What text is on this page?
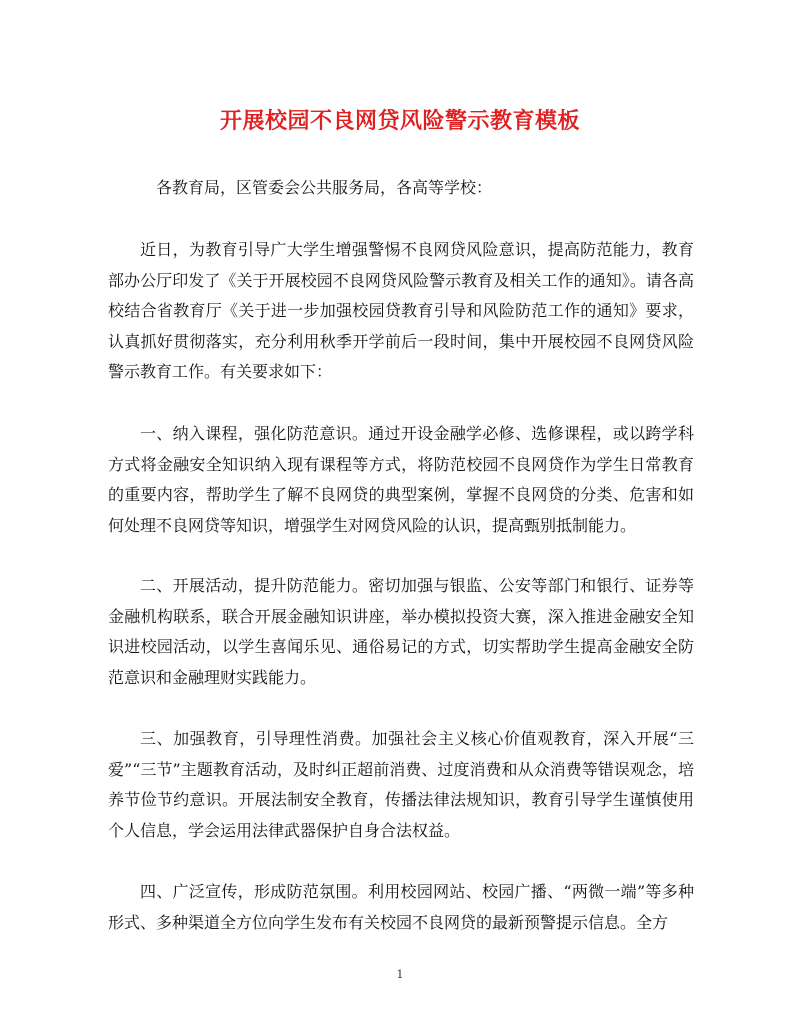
开展校园不良网贷风险警示教育模板

各教育局，区管委会公共服务局，各高等学校：

近日，为教育引导广大学生增强警惕不良网贷风险意识，提高防范能力，教育部办公厅印发了《关于开展校园不良网贷风险警示教育及相关工作的通知》。请各高校结合省教育厅《关于进一步加强校园贷教育引导和风险防范工作的通知》要求，认真抓好贯彻落实，充分利用秋季开学前后一段时间，集中开展校园不良网贷风险警示教育工作。有关要求如下：

一、纳入课程，强化防范意识。通过开设金融学必修、选修课程，或以跨学科方式将金融安全知识纳入现有课程等方式，将防范校园不良网贷作为学生日常教育的重要内容，帮助学生了解不良网贷的典型案例，掌握不良网贷的分类、危害和如何处理不良网贷等知识，增强学生对网贷风险的认识，提高甄别抵制能力。

二、开展活动，提升防范能力。密切加强与银监、公安等部门和银行、证券等金融机构联系，联合开展金融知识讲座，举办模拟投资大赛，深入推进金融安全知识进校园活动，以学生喜闻乐见、通俗易记的方式，切实帮助学生提高金融安全防范意识和金融理财实践能力。

三、加强教育，引导理性消费。加强社会主义核心价值观教育，深入开展“三爱”“三节”主题教育活动，及时纠正超前消费、过度消费和从众消费等错误观念，培养节俭节约意识。开展法制安全教育，传播法律法规知识，教育引导学生谨慎使用个人信息，学会运用法律武器保护自身合法权益。

四、广泛宣传，形成防范氛围。利用校园网站、校园广播、“两微一端”等多种形式、多种渠道全方位向学生发布有关校园不良网贷的最新预警提示信息。全方

1
